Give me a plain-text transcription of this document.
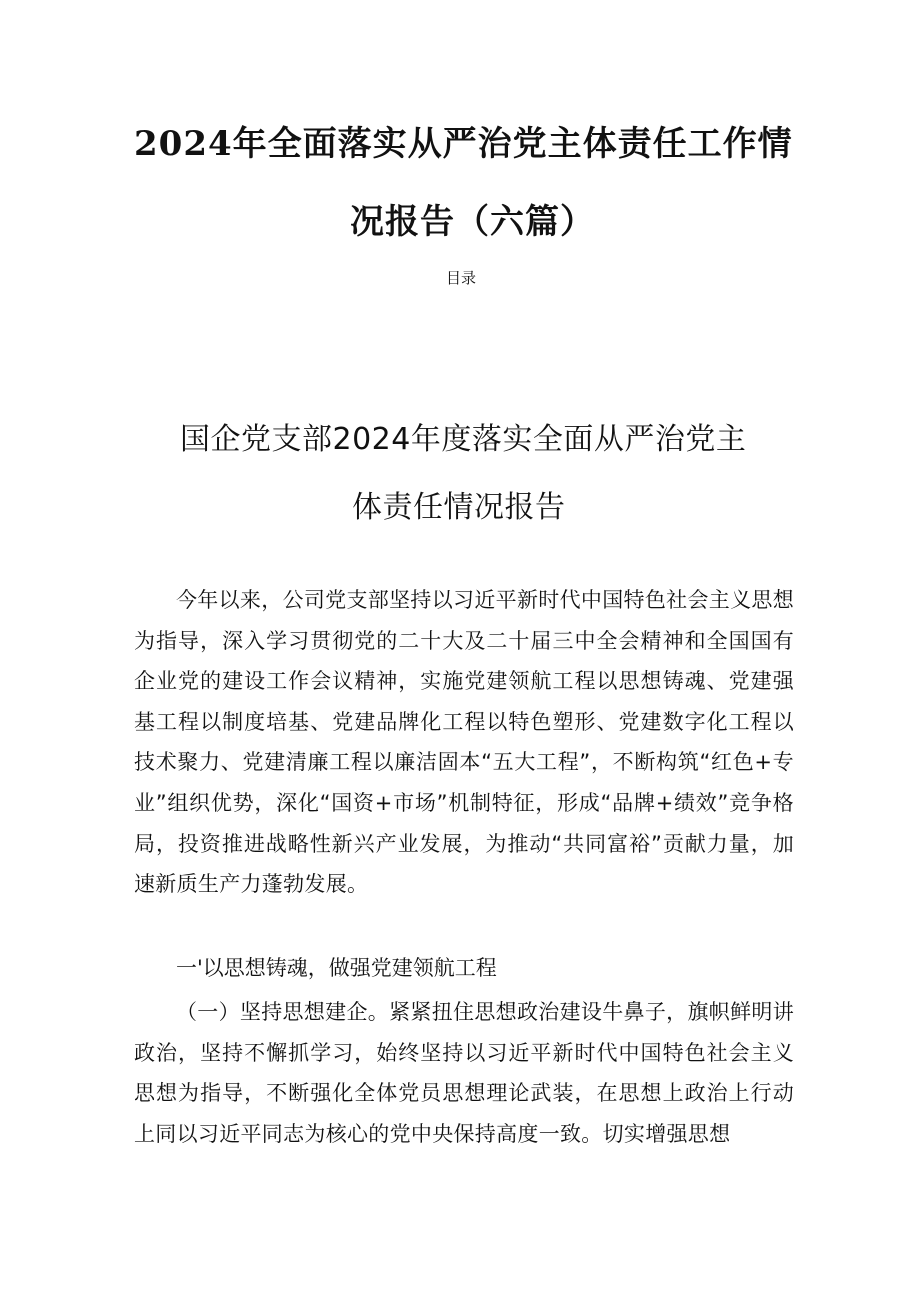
2024年全面落实从严治党主体责任工作情
况报告（六篇）
目录
国企党支部2024年度落实全面从严治党主
体责任情况报告

今年以来，公司党支部坚持以习近平新时代中国特色社会主义思想为指导，深入学习贯彻党的二十大及二十届三中全会精神和全国国有企业党的建设工作会议精神，实施党建领航工程以思想铸魂、党建强基工程以制度培基、党建品牌化工程以特色塑形、党建数字化工程以技术聚力、党建清廉工程以廉洁固本“五大工程”，不断构筑“红色+专业”组织优势，深化“国资+市场”机制特征，形成“品牌+绩效”竞争格局，投资推进战略性新兴产业发展，为推动“共同富裕”贡献力量，加速新质生产力蓬勃发展。

一'以思想铸魂，做强党建领航工程

（一）坚持思想建企。紧紧扭住思想政治建设牛鼻子，旗帜鲜明讲政治，坚持不懈抓学习，始终坚持以习近平新时代中国特色社会主义思想为指导，不断强化全体党员思想理论武装，在思想上政治上行动上同以习近平同志为核心的党中央保持高度一致。切实增强思想
